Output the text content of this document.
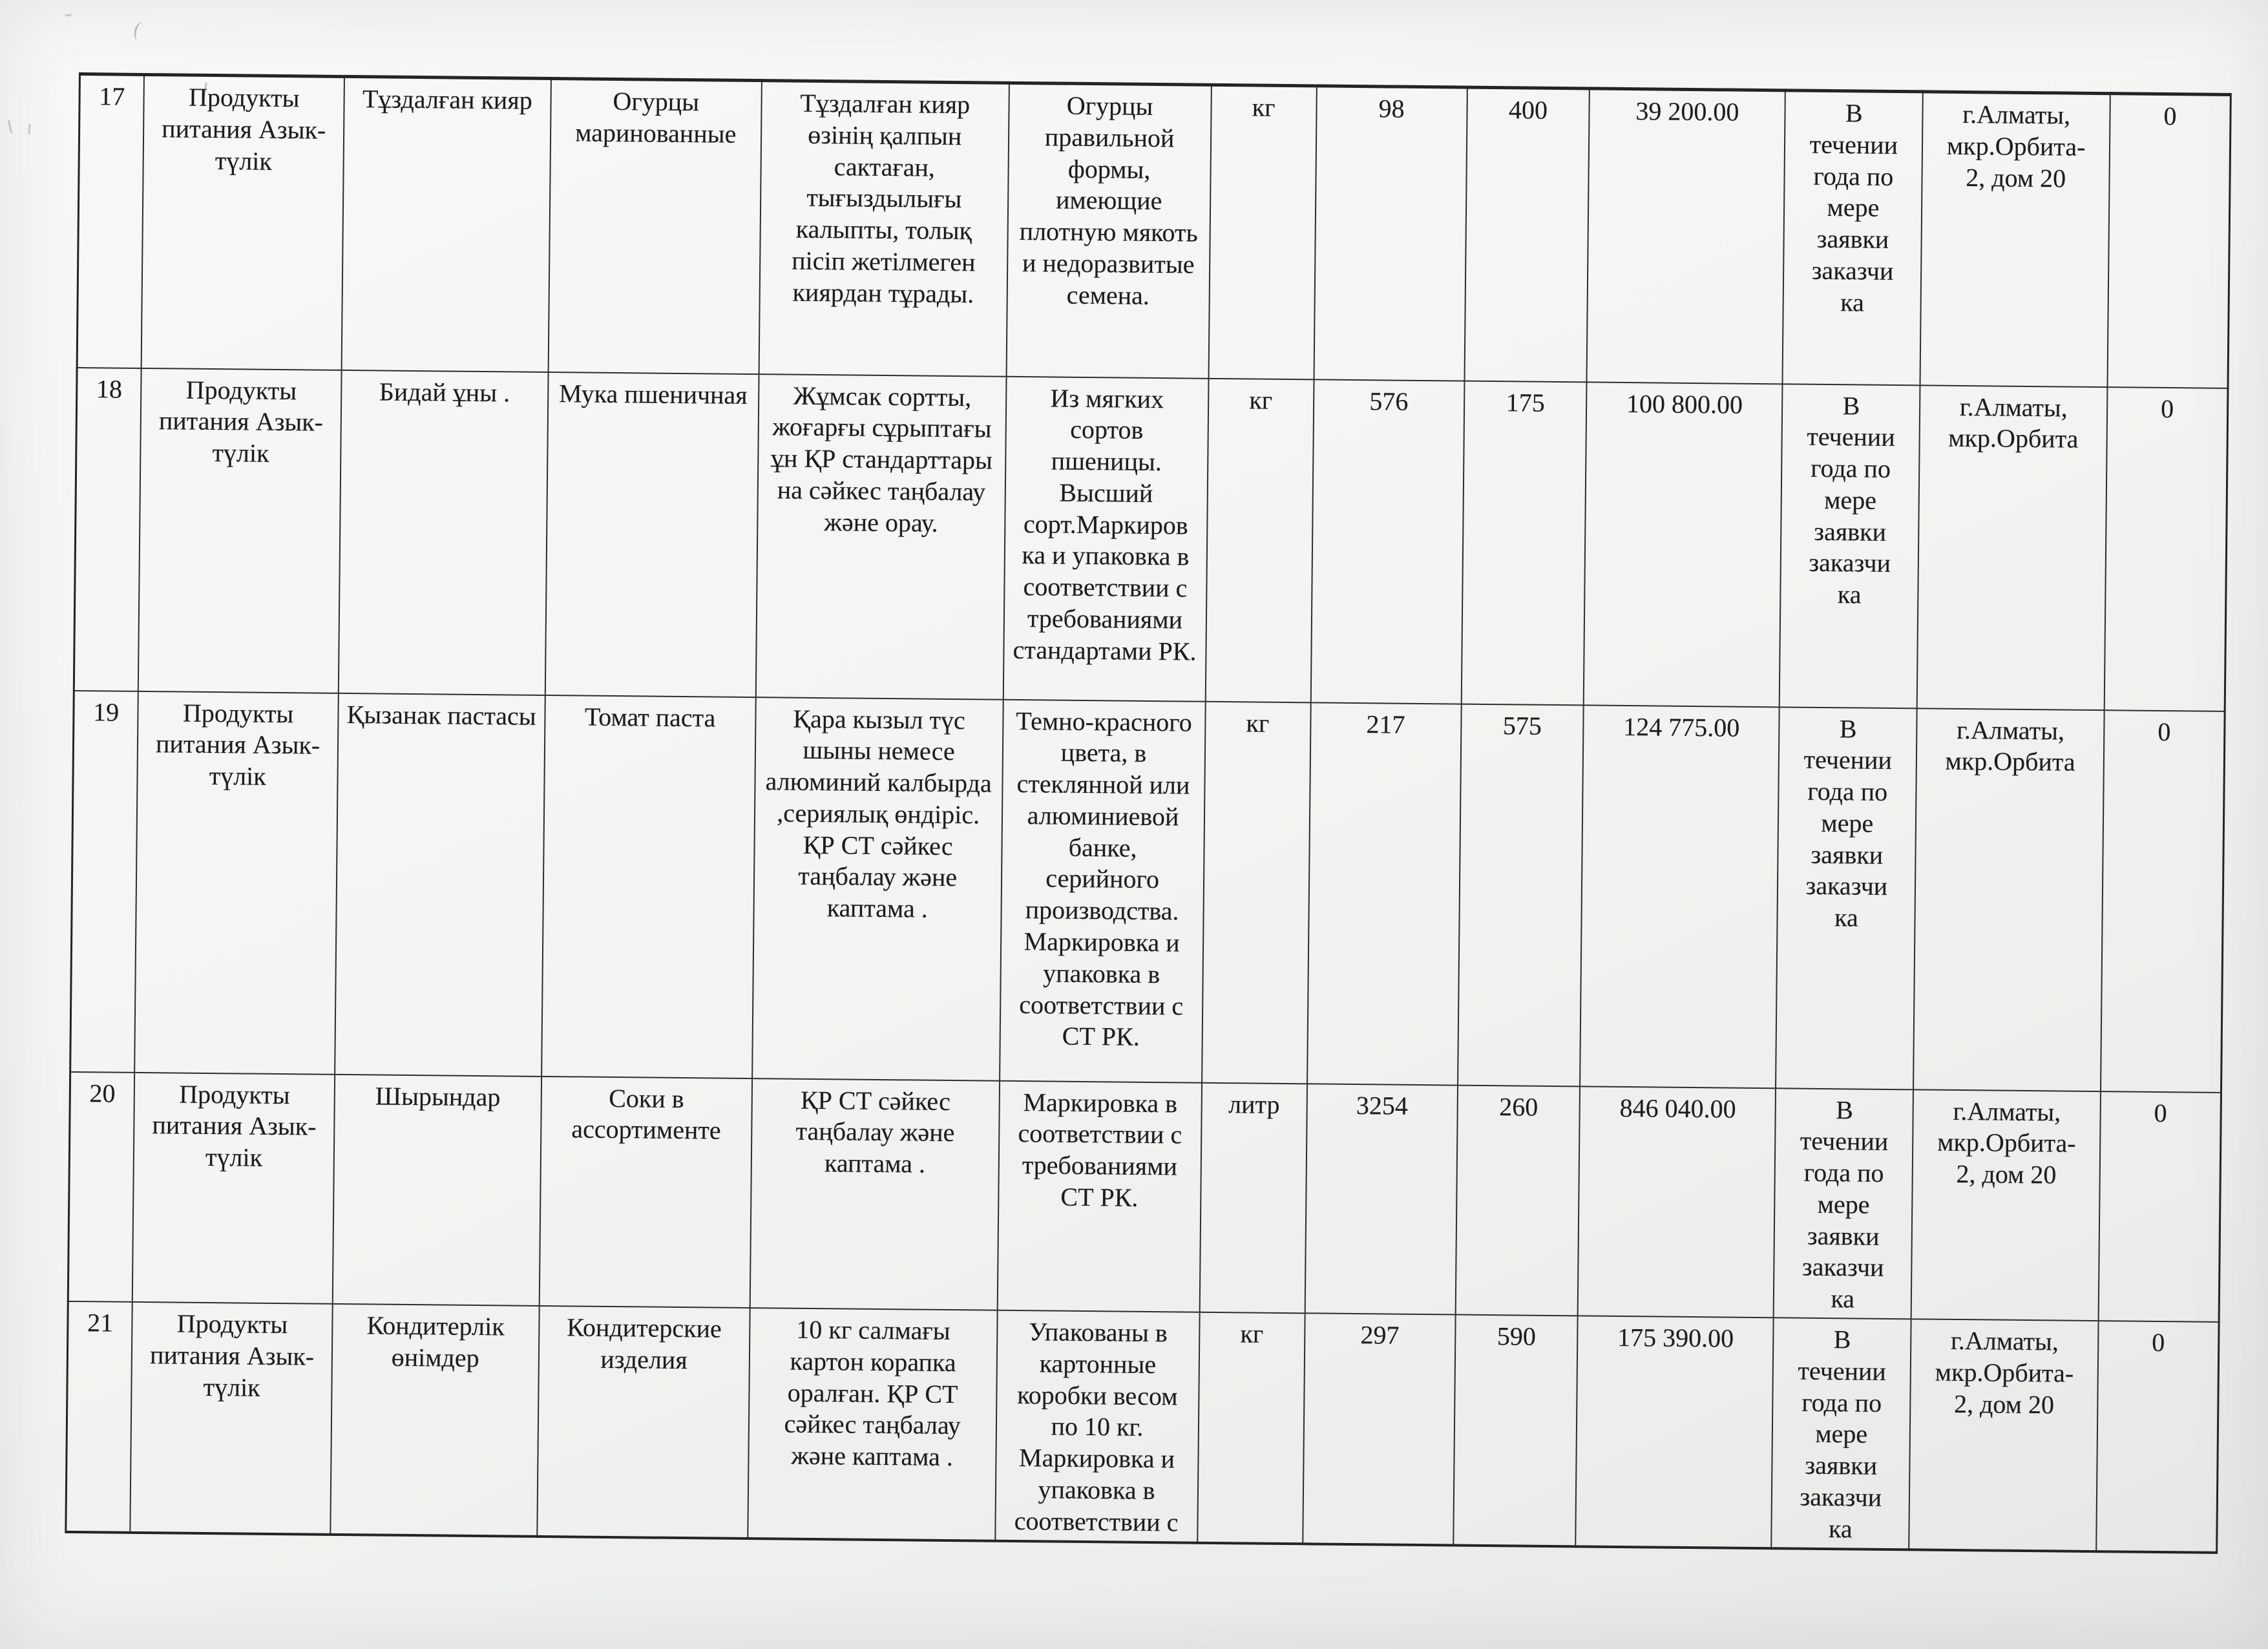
17	Продукты питания Азык-түлік	Тұздалған кияр	Огурцы маринованные	Тұздалған кияр өзінің қалпын сактаған, тығыздылығы калыпты, толық пісіп жетілмеген киярдан тұрады.	Огурцы правильной формы, имеющие плотную мякоть и недоразвитые семена.	кг	98	400	39 200.00	В
течении
года по
мере
заявки
заказчи
ка	г.Алматы,
мкр.Орбита-
2, дом 20	0
18	Продукты питания Азык-түлік	Бидай ұны .	Мука пшеничная	Жұмсак сортты, жоғарғы сұрыптағы ұн ҚР стандарттары на сәйкес таңбалау және орау.	Из мягких сортов пшеницы. Высший сорт.Маркиров ка и упаковка в соответствии с требованиями стандартами РК.	кг	576	175	100 800.00	В
течении
года по
мере
заявки
заказчи
ка	г.Алматы,
мкр.Орбита	0
19	Продукты питания Азык-түлік	Қызанак пастасы	Томат паста	Қара кызыл түс шыны немесе алюминий калбырда ,сериялық өндіріс. ҚР СТ сәйкес таңбалау және каптама .	Темно-красного цвета, в стеклянной или алюминиевой банке, серийного производства. Маркировка и упаковка в соответствии с СТ РК.	кг	217	575	124 775.00	В
течении
года по
мере
заявки
заказчи
ка	г.Алматы,
мкр.Орбита	0
20	Продукты питания Азык-түлік	Шырындар	Соки в ассортименте	ҚР СТ сәйкес таңбалау және каптама .	Маркировка в соответствии с требованиями СТ РК.	литр	3254	260	846 040.00	В
течении
года по
мере
заявки
заказчи
ка	г.Алматы,
мкр.Орбита-
2, дом 20	0
21	Продукты питания Азык-түлік	Кондитерлік өнімдер	Кондитерские изделия	10 кг салмағы картон корапка оралған. ҚР СТ сәйкес таңбалау және каптама .	Упакованы в картонные коробки весом по 10 кг. Маркировка и упаковка в соответствии с	кг	297	590	175 390.00	В
течении
года по
мере
заявки
заказчи
ка	г.Алматы,
мкр.Орбита-
2, дом 20	0
